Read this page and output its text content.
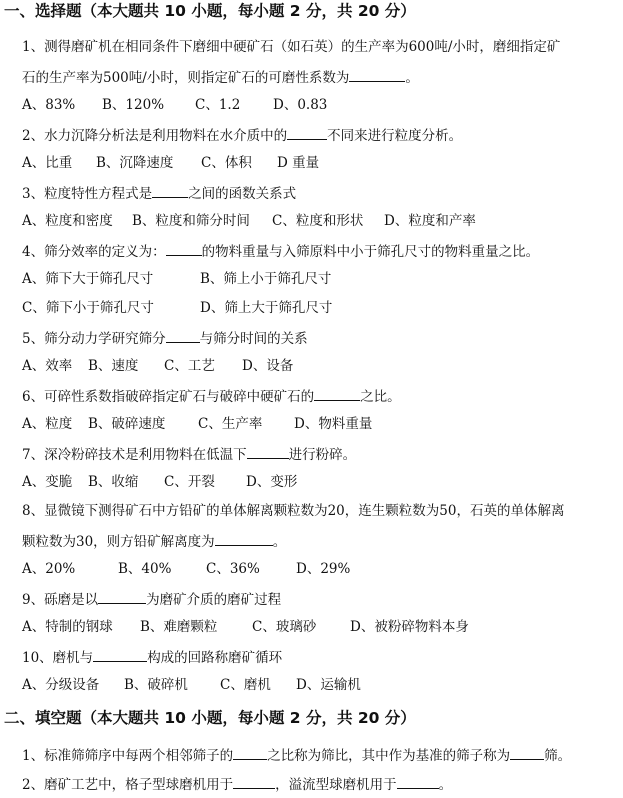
一、选择题（本大题共 10 小题，每小题 2 分，共 20 分）
1、测得磨矿机在相同条件下磨细中硬矿石（如石英）的生产率为600吨/小时，磨细指定矿
石的生产率为500吨/小时，则指定矿石的可磨性系数为	。
A、83% B、120% C、1.2 D、0.83
2、水力沉降分析法是利用物料在水介质中的	不同来进行粒度分析。
A、比重 B、沉降速度 C、体积 D 重量
3、粒度特性方程式是	之间的函数关系式
A、粒度和密度 B、粒度和筛分时间 C、粒度和形状 D、粒度和产率
4、筛分效率的定义为：	的物料重量与入筛原料中小于筛孔尺寸的物料重量之比。
A、筛下大于筛孔尺寸	B、筛上小于筛孔尺寸
C、筛下小于筛孔尺寸	D、筛上大于筛孔尺寸
5、筛分动力学研究筛分	与筛分时间的关系
A、效率 B、速度 C、工艺 D、设备
6、可碎性系数指破碎指定矿石与破碎中硬矿石的	之比。
A、粒度 B、破碎速度 C、生产率 D、物料重量
7、深冷粉碎技术是利用物料在低温下	进行粉碎。
A、变脆 B、收缩 C、开裂 D、变形
8、显微镜下测得矿石中方铅矿的单体解离颗粒数为20，连生颗粒数为50，石英的单体解离
颗粒数为30，则方铅矿解离度为	。
A、20%	B、40%	C、36%	D、29%
9、砾磨是以	为磨矿介质的磨矿过程
A、特制的钢球 B、难磨颗粒	C、玻璃砂 D、被粉碎物料本身
10、磨机与	构成的回路称磨矿循环
A、分级设备 B、破碎机 C、磨机 D、运输机
二、填空题（本大题共 10 小题，每小题 2 分，共 20 分）
1、标准筛筛序中每两个相邻筛子的	之比称为筛比，其中作为基准的筛子称为	筛。
2、磨矿工艺中，格子型球磨机用于	，溢流型球磨机用于	。
